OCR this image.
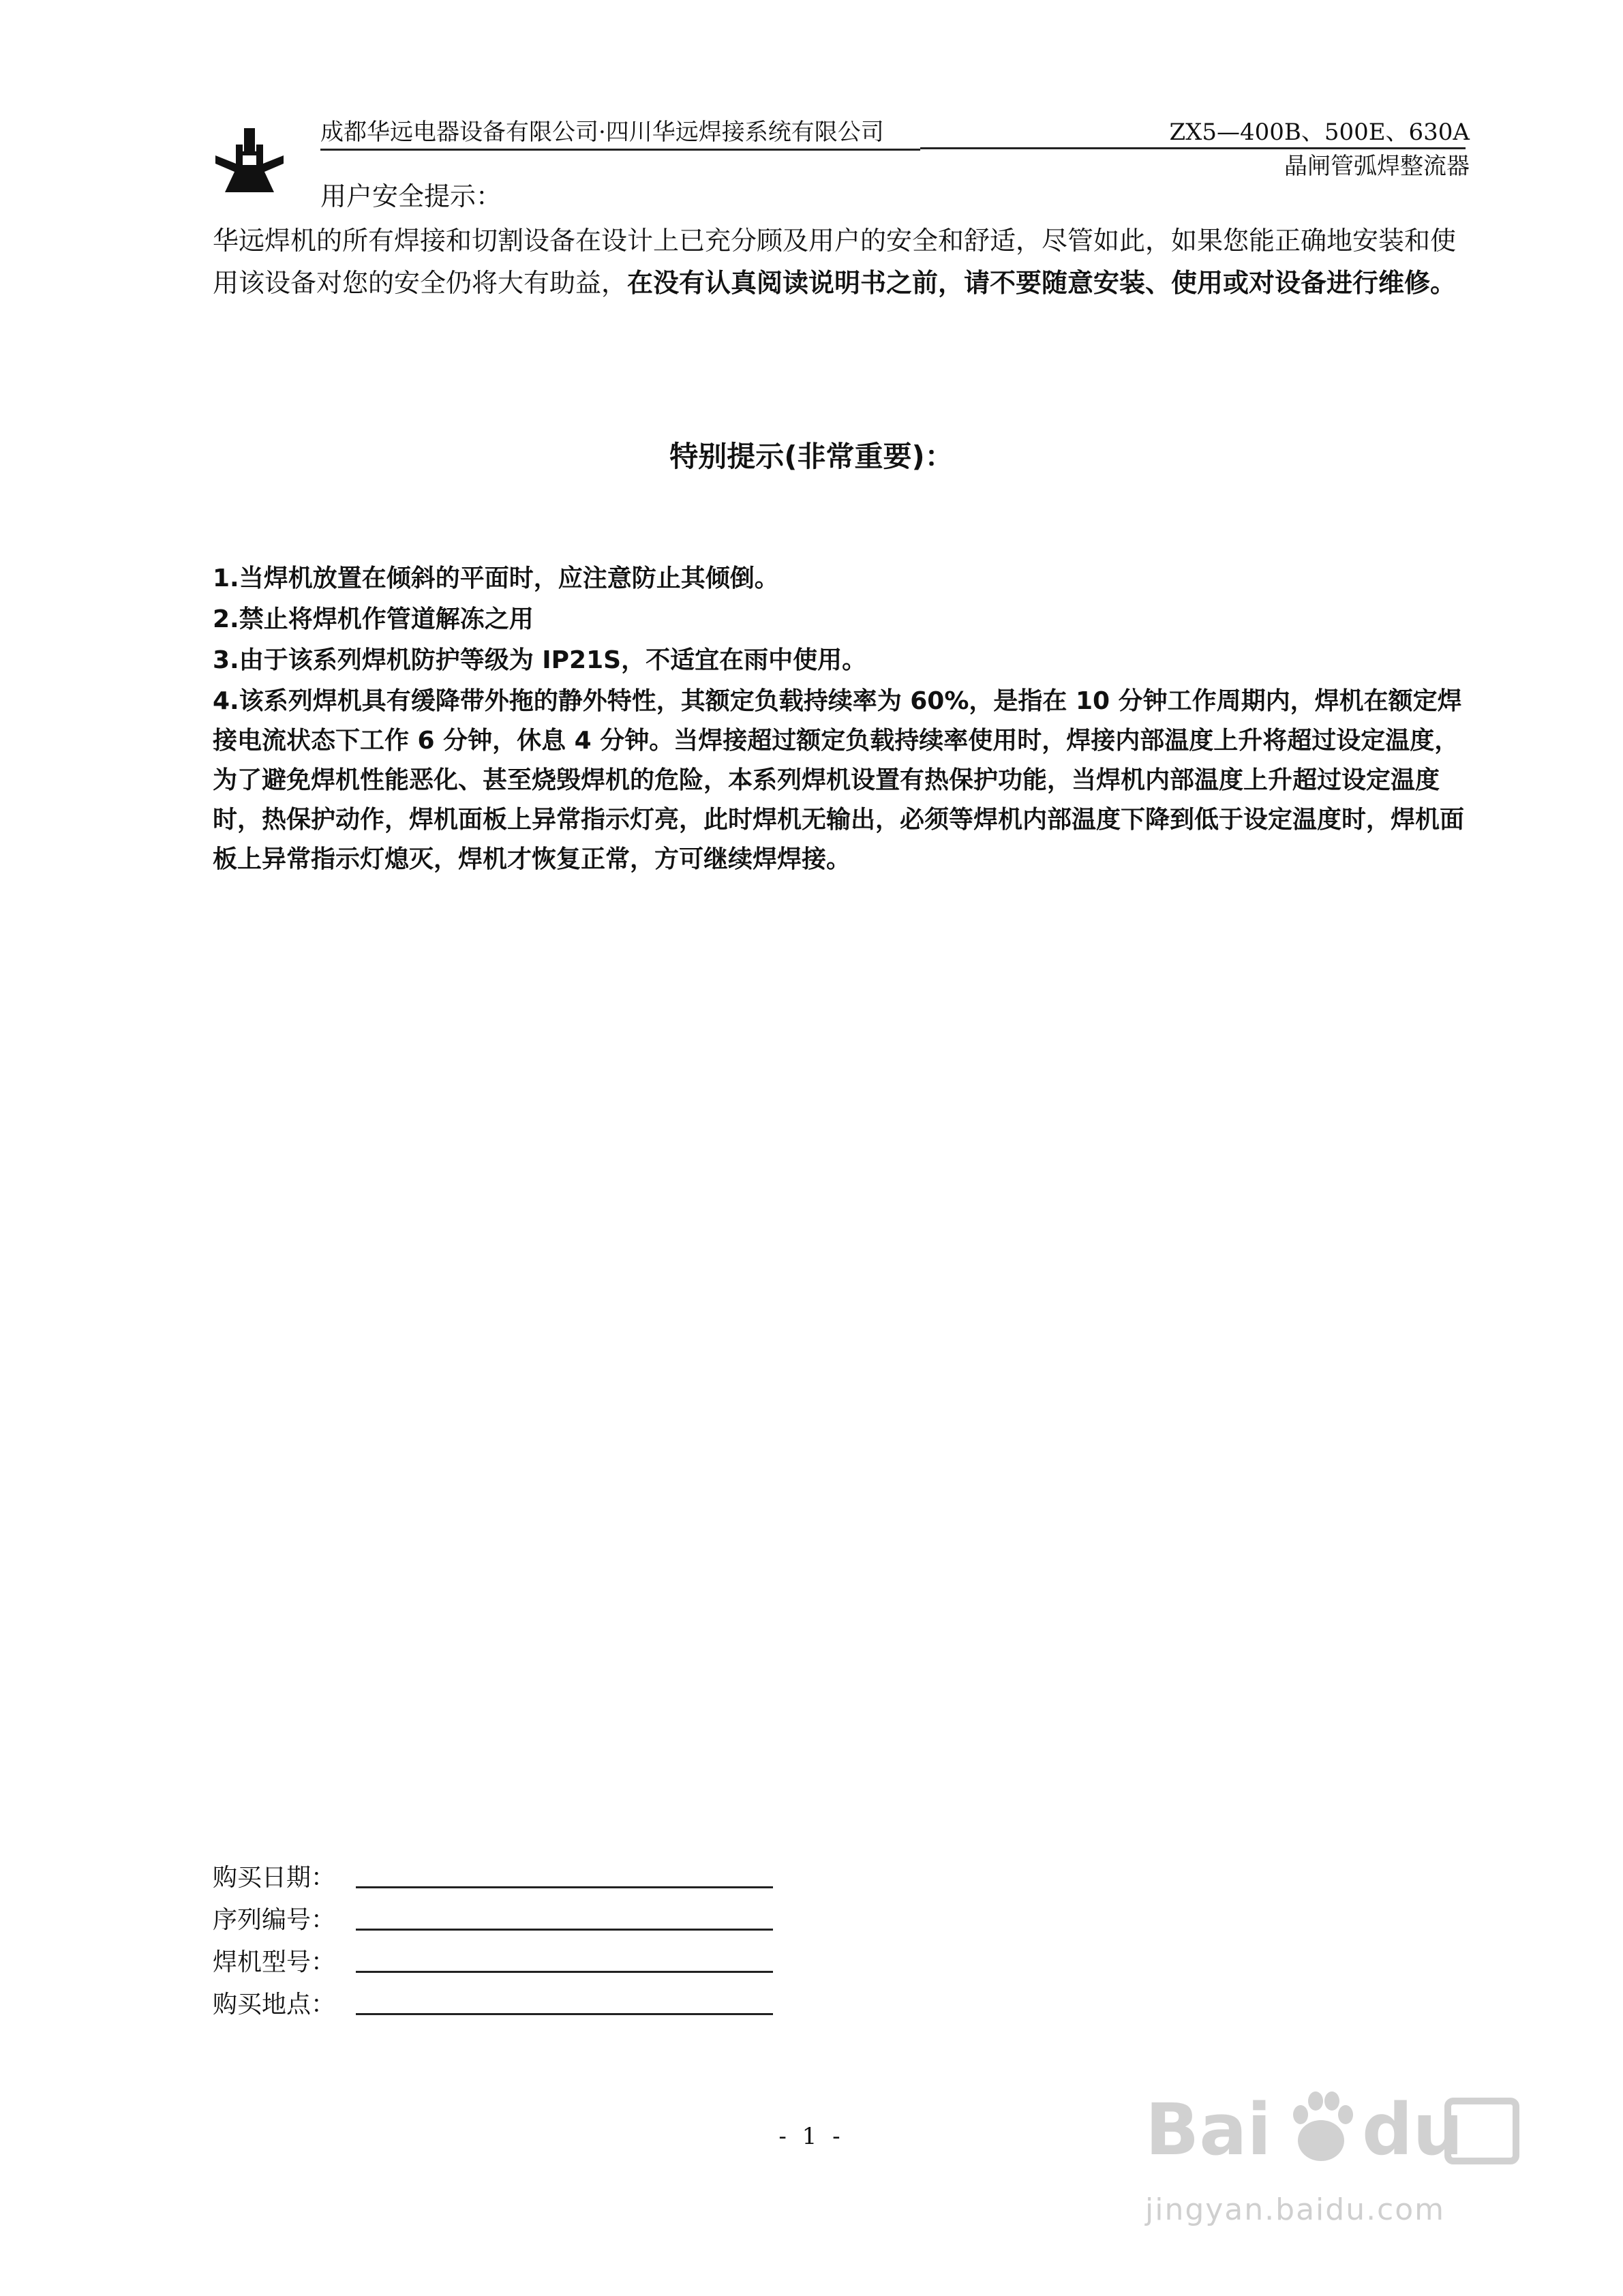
成都华远电器设备有限公司·四川华远焊接系统有限公司	ZX5—400B、500E、630A
晶闸管弧焊整流器
用户安全提示：
华远焊机的所有焊接和切割设备在设计上已充分顾及用户的安全和舒适，尽管如此，如果您能正确地安装和使用该设备对您的安全仍将大有助益，在没有认真阅读说明书之前，请不要随意安装、使用或对设备进行维修。
特别提示(非常重要)：
1.当焊机放置在倾斜的平面时，应注意防止其倾倒。
2.禁止将焊机作管道解冻之用
3.由于该系列焊机防护等级为 IP21S，不适宜在雨中使用。
4.该系列焊机具有缓降带外拖的静外特性，其额定负载持续率为 60%，是指在 10 分钟工作周期内，焊机在额定焊接电流状态下工作 6 分钟，休息 4 分钟。当焊接超过额定负载持续率使用时，焊接内部温度上升将超过设定温度，为了避免焊机性能恶化、甚至烧毁焊机的危险，本系列焊机设置有热保护功能，当焊机内部温度上升超过设定温度时，热保护动作，焊机面板上异常指示灯亮，此时焊机无输出，必须等焊机内部温度下降到低于设定温度时，焊机面板上异常指示灯熄灭，焊机才恢复正常，方可继续焊焊接。
购买日期：
序列编号：
焊机型号：
购买地点：
- 1 -	Bai du
jingyan.baidu.com
